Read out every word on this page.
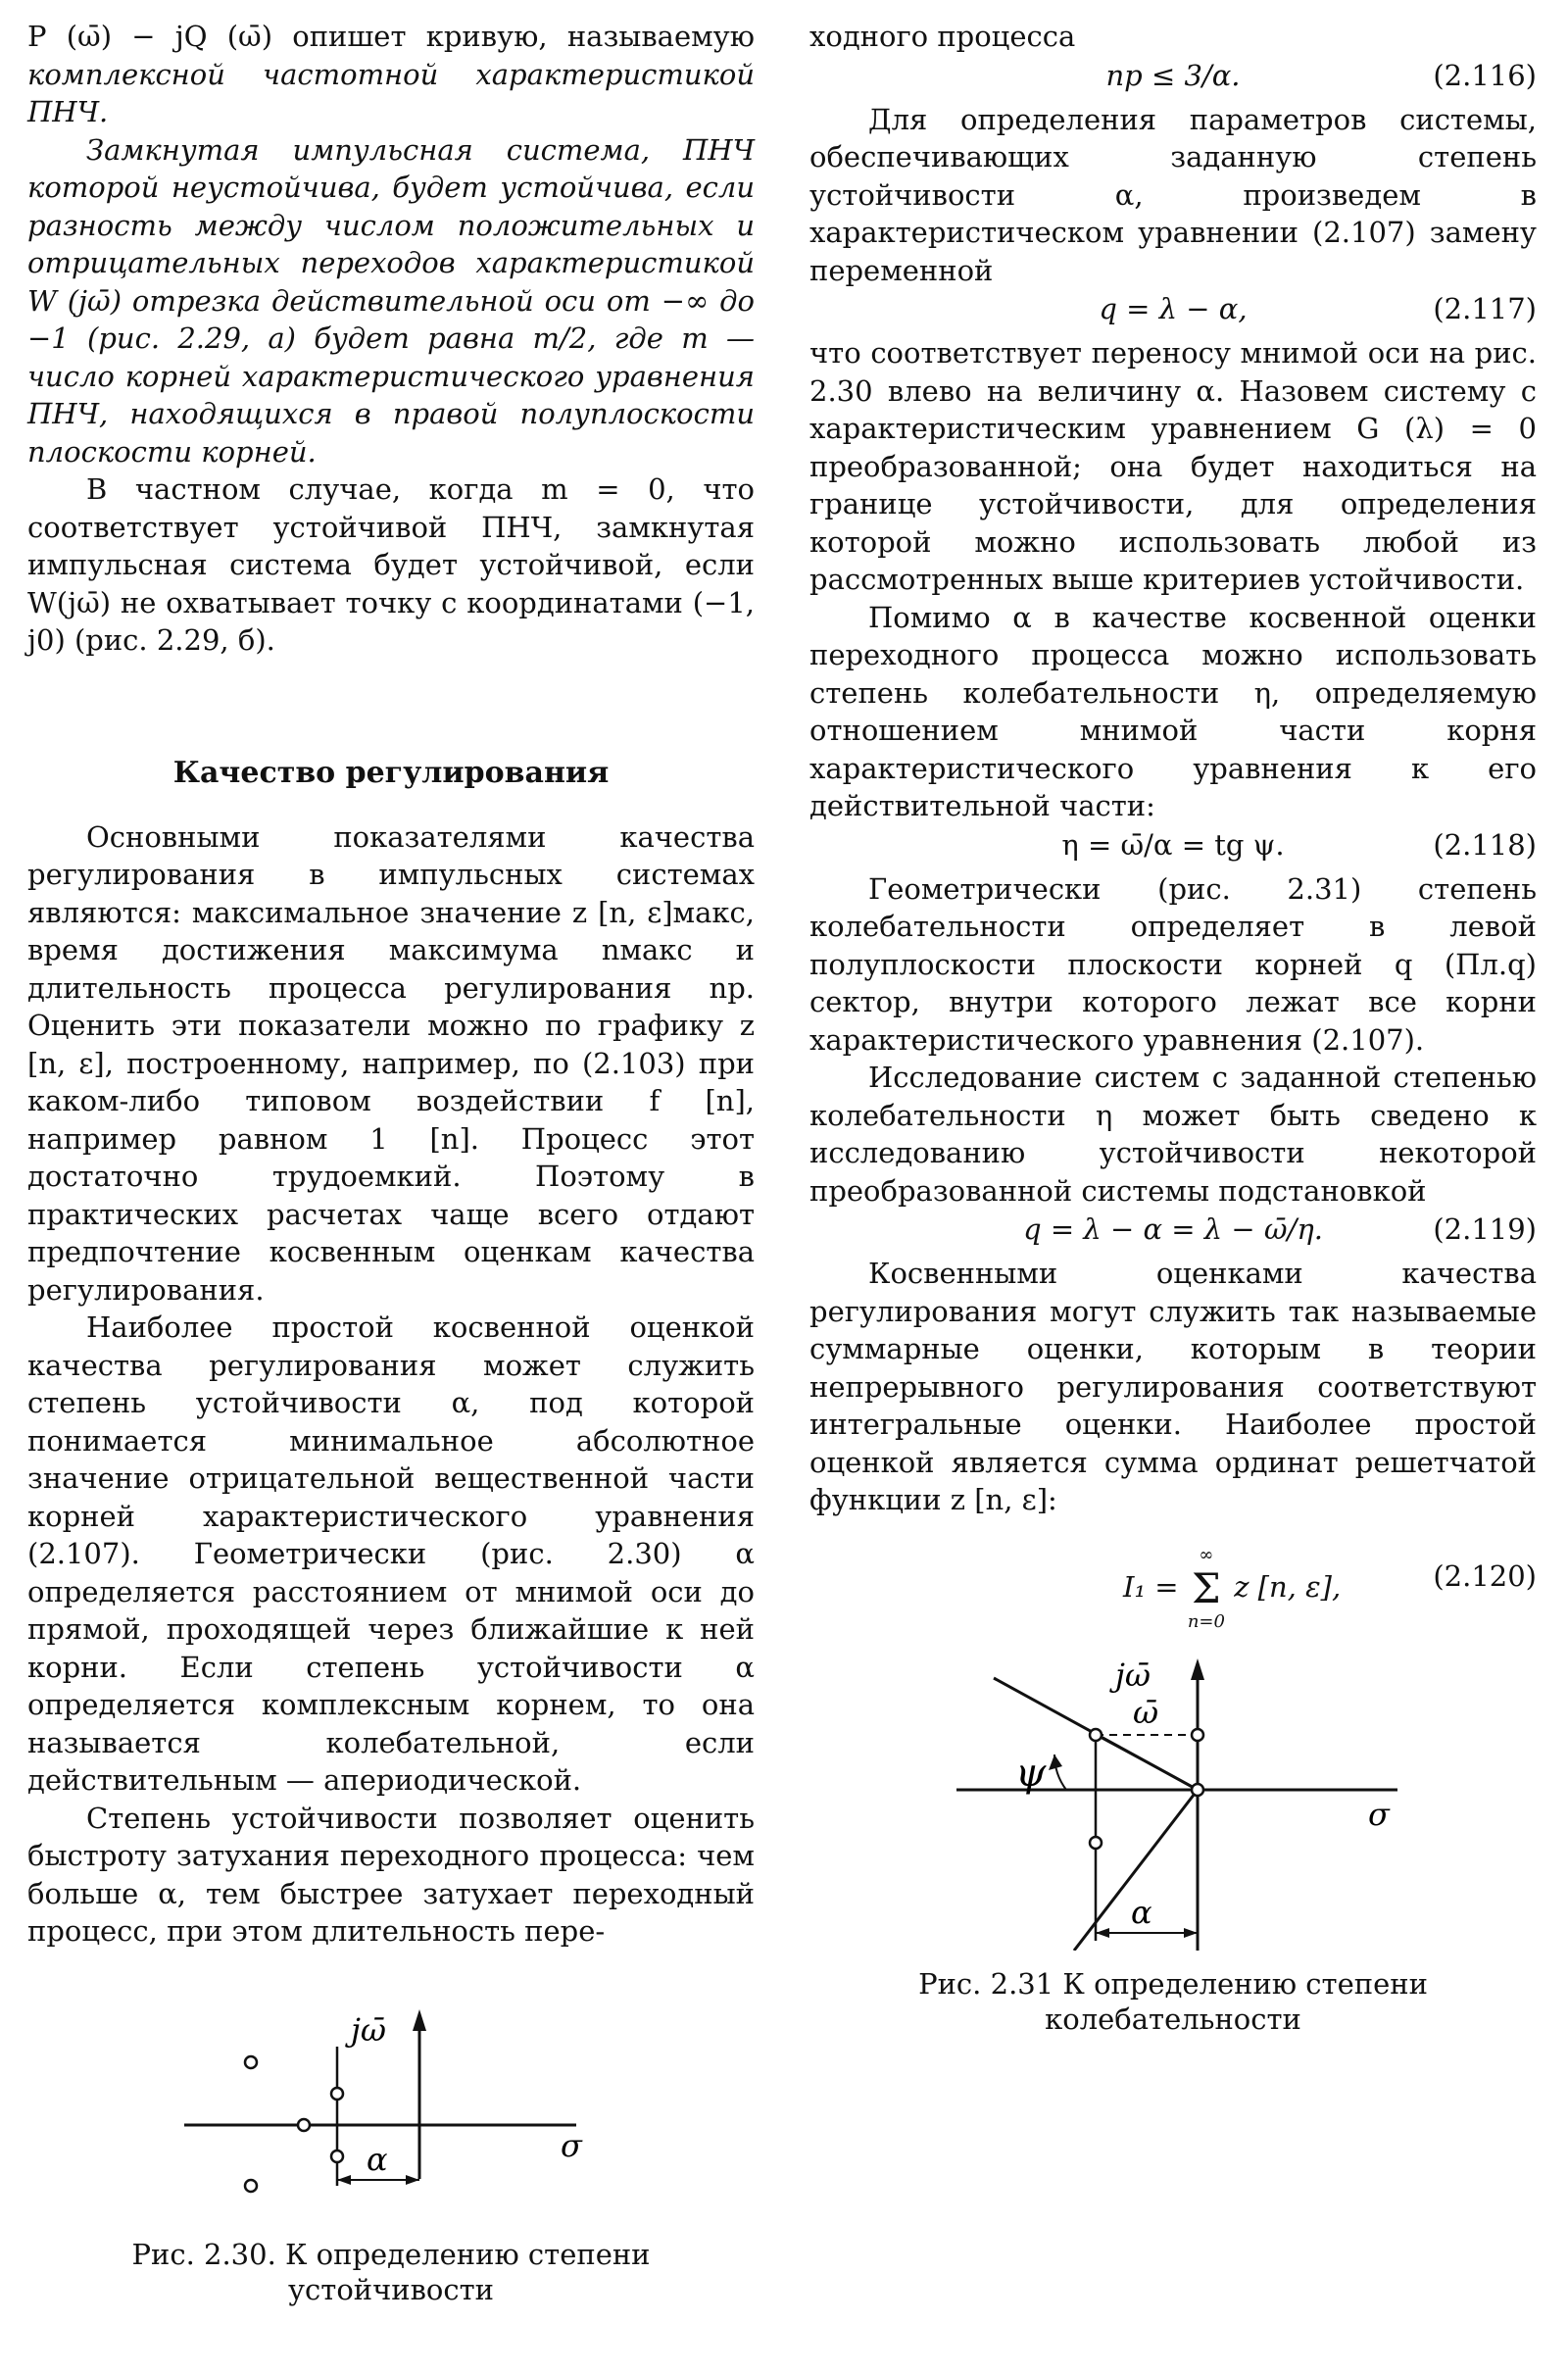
P (ω̄) − jQ (ω̄) опишет кривую, называемую комплексной частотной характеристикой ПНЧ.

Замкнутая импульсная система, ПНЧ которой неустойчива, будет устойчива, если разность между числом положительных и отрицательных переходов характеристикой W (jω̄) отрезка действительной оси от −∞ до −1 (рис. 2.29, а) будет равна m/2, где m — число корней характеристического уравнения ПНЧ, находящихся в правой полуплоскости плоскости корней.

В частном случае, когда m = 0, что соответствует устойчивой ПНЧ, замкнутая импульсная система будет устойчивой, если W(jω̄) не охватывает точку с координатами (−1, j0) (рис. 2.29, б).

Качество регулирования

Основными показателями качества регулирования в импульсных системах являются: максимальное значение z [n, ε]макс, время достижения максимума nмакс и длительность процесса регулирования nр. Оценить эти показатели можно по графику z [n, ε], построенному, например, по (2.103) при каком-либо типовом воздействии f [n], например равном 1 [n]. Процесс этот достаточно трудоемкий. Поэтому в практических расчетах чаще всего отдают предпочтение косвенным оценкам качества регулирования.

Наиболее простой косвенной оценкой качества регулирования может служить степень устойчивости α, под которой понимается минимальное абсолютное значение отрицательной вещественной части корней характеристического уравнения (2.107). Геометрически (рис. 2.30) α определяется расстоянием от мнимой оси до прямой, проходящей через ближайшие к ней корни. Если степень устойчивости α определяется комплексным корнем, то она называется колебательной, если действительным — апериодической.

Степень устойчивости позволяет оценить быстроту затухания переходного процесса: чем больше α, тем быстрее затухает переходный процесс, при этом длительность пере-

jω̄
σ
α
Рис. 2.30. К определению степени устойчивости

ходного процесса

nр ≤ 3/α.	(2.116)

Для определения параметров системы, обеспечивающих заданную степень устойчивости α, произведем в характеристическом уравнении (2.107) замену переменной

q = λ − α,	(2.117)

что соответствует переносу мнимой оси на рис. 2.30 влево на величину α. Назовем систему с характеристическим уравнением G (λ) = 0 преобразованной; она будет находиться на границе устойчивости, для определения которой можно использовать любой из рассмотренных выше критериев устойчивости.

Помимо α в качестве косвенной оценки переходного процесса можно использовать степень колебательности η, определяемую отношением мнимой части корня характеристического уравнения к его действительной части:

η = ω̄/α = tg ψ.	(2.118)

Геометрически (рис. 2.31) степень колебательности определяет в левой полуплоскости плоскости корней q (Пл.q) сектор, внутри которого лежат все корни характеристического уравнения (2.107).

Исследование систем с заданной степенью колебательности η может быть сведено к исследованию устойчивости некоторой преобразованной системы подстановкой

q = λ − α = λ − ω̄/η.	(2.119)

Косвенными оценками качества регулирования могут служить так называемые суммарные оценки, которым в теории непрерывного регулирования соответствуют интегральные оценки. Наиболее простой оценкой является сумма ординат решетчатой функции z [n, ε]:

I₁ =
∞
Σ
n=0
z [n, ε],	(2.120)
jω̄
σ
ω̄
ψ
α
Рис. 2.31 К определению степени колебательности
